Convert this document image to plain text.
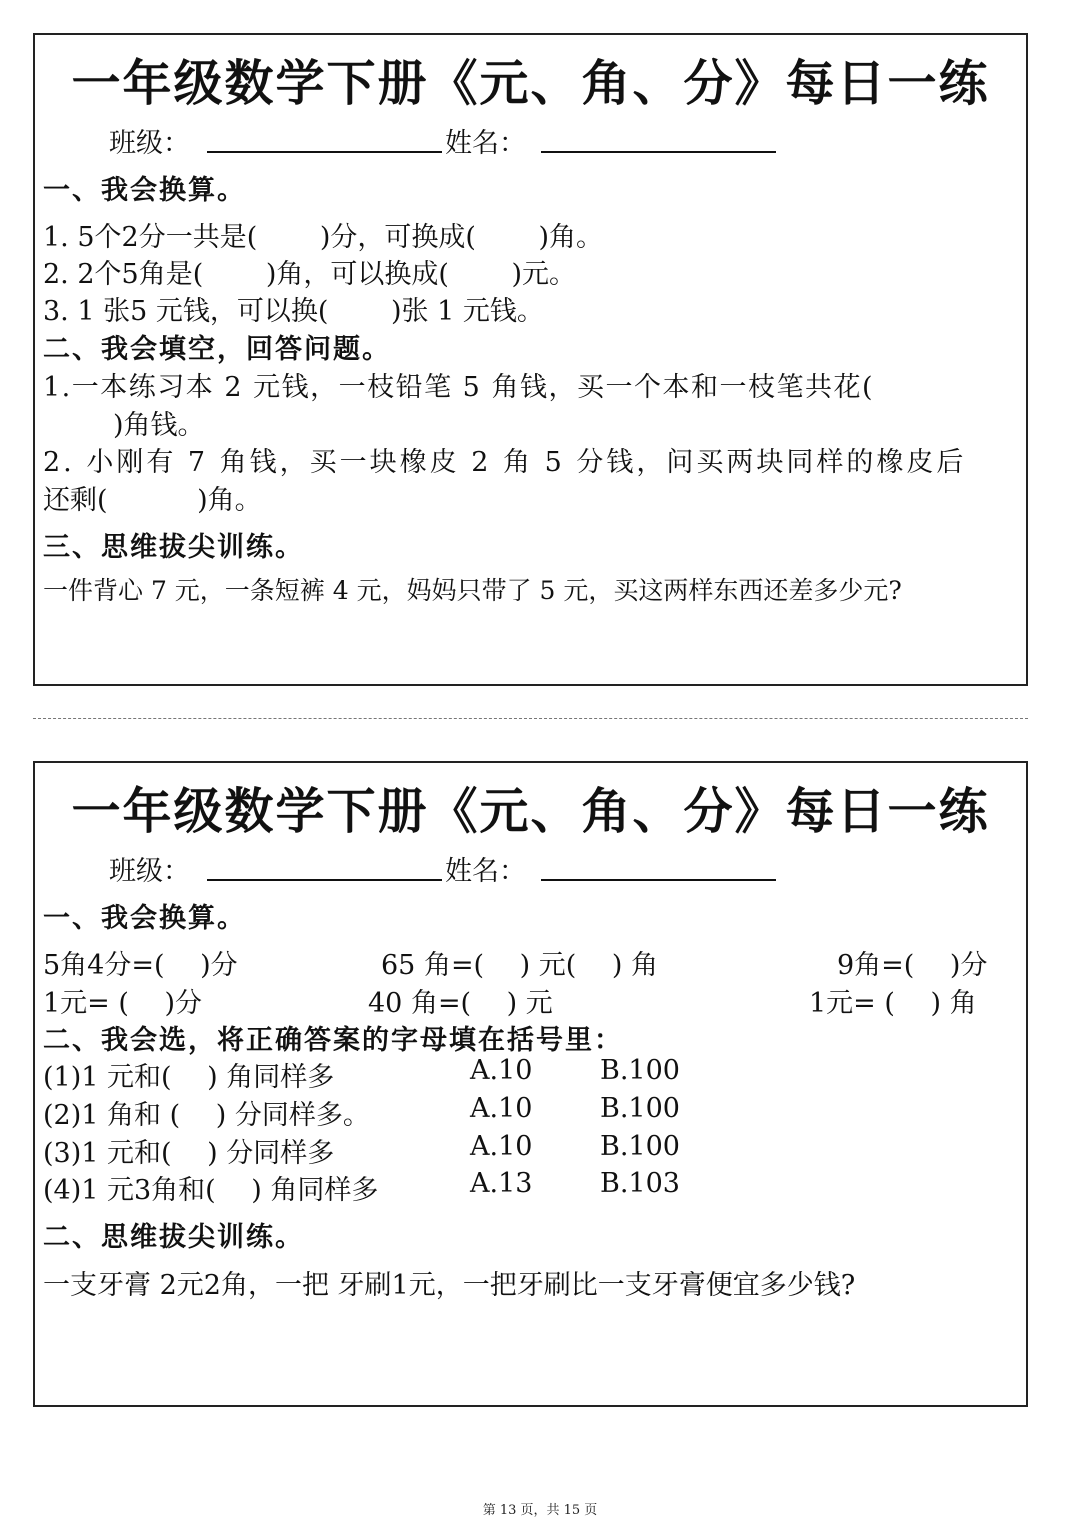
一年级数学下册《元、角、分》每日一练
班级：	姓名：
一、我会换算。
1. 5个2分一共是(　　 )分，可换成(　　 )角。
2. 2个5角是(　　 )角，可以换成(　　 )元。
3. 1 张5 元钱，可以换(　　 )张 1 元钱。
二、我会填空，回答问题。
1.一本练习本 2 元钱，一枝铅笔 5 角钱，买一个本和一枝笔共花(
)角钱。
2. 小刚有 7 角钱，买一块橡皮 2 角 5 分钱，问买两块同样的橡皮后
还剩(　　　 )角。
三、思维拔尖训练。
一件背心 7 元，一条短裤 4 元，妈妈只带了 5 元，买这两样东西还差多少元?
一年级数学下册《元、角、分》每日一练
班级：	姓名：
一、我会换算。
5角4分=(　 )分	65 角=(　 ) 元(　 ) 角	9角=(　 )分
1元= (　 )分	40 角=(　 ) 元	1元= (　 ) 角
二、我会选，将正确答案的字母填在括号里：
(1)1 元和(　 ) 角同样多	A.10	B.100
(2)1 角和 (　 ) 分同样多。	A.10	B.100
(3)1 元和(　 ) 分同样多	A.10	B.100
(4)1 元3角和(　 ) 角同样多	A.13	B.103
二、思维拔尖训练。
一支牙膏 2元2角，一把 牙刷1元，一把牙刷比一支牙膏便宜多少钱?
第 13 页，共 15 页
